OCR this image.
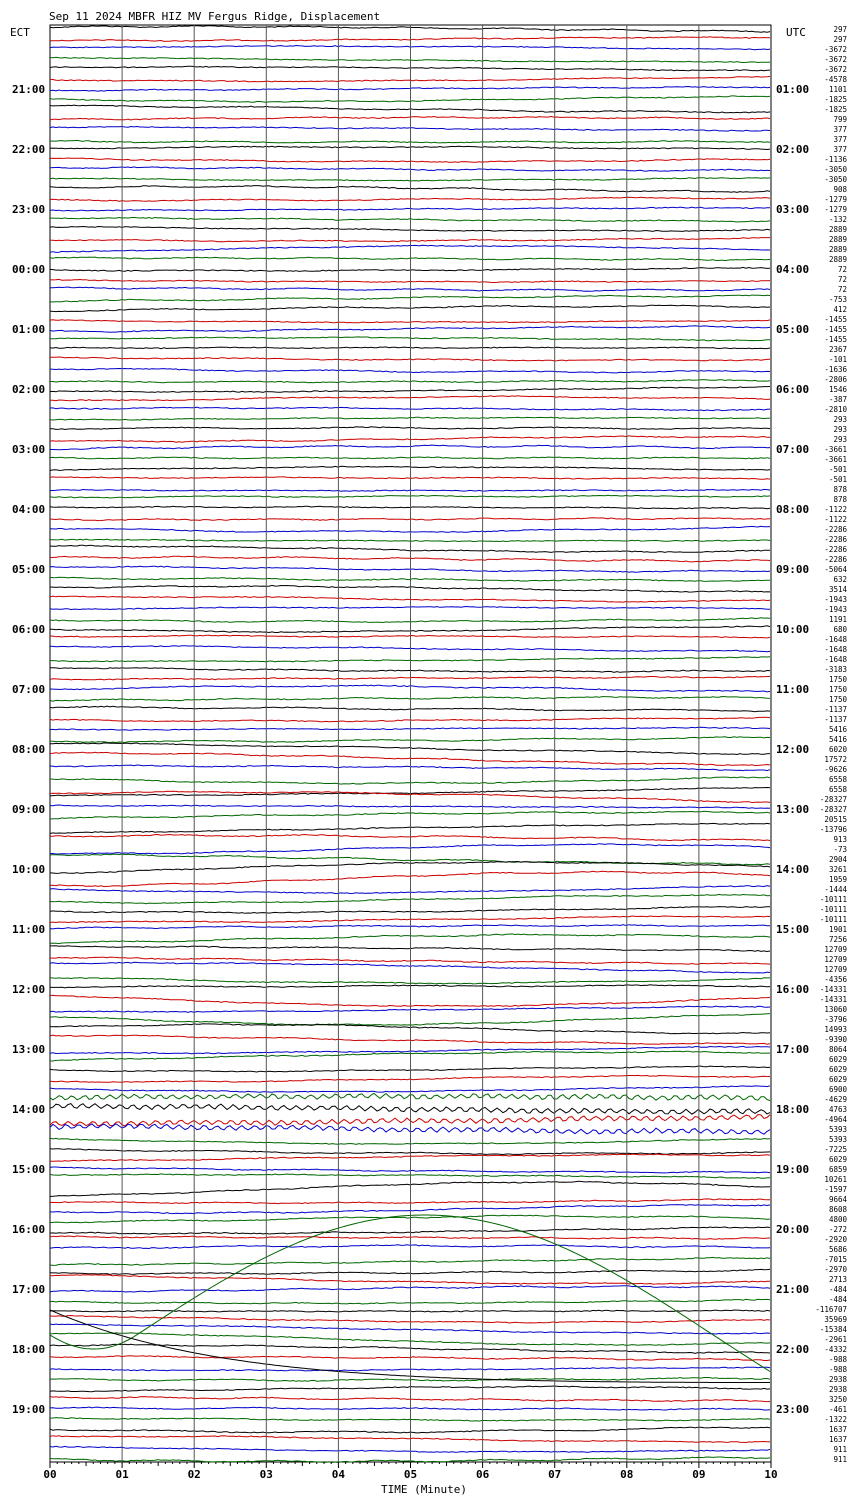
Sep 11 2024 MBFR HIZ MV Fergus Ridge, Displacement
ECT	UTC
21:00
22:00
23:00
00:00
01:00
02:00
03:00
04:00
05:00
06:00
07:00
08:00
09:00
10:00
11:00
12:00
13:00
14:00
15:00
16:00
17:00
18:00
19:00
01:00
02:00
03:00
04:00
05:00
06:00
07:00
08:00
09:00
10:00
11:00
12:00
13:00
14:00
15:00
16:00
17:00
18:00
19:00
20:00
21:00
22:00
23:00
297
297
-3672
-3672
-3672
-4578
1101
-1825
-1825
799
377
377
377
-1136
-3050
-3050
908
-1279
-1279
-132
2889
2889
2889
2889
72
72
72
-753
412
-1455
-1455
-1455
2367
-101
-1636
-2806
1546
-387
-2810
293
293
293
-3661
-3661
-501
-501
878
878
-1122
-1122
-2286
-2286
-2286
-2286
-5064
632
3514
-1943
-1943
1191
680
-1648
-1648
-1648
-3183
1750
1750
1750
-1137
-1137
5416
5416
6020
17572
-9626
6558
6558
-28327
-28327
20515
-13796
913
-73
2904
3261
1959
-1444
-10111
-10111
-10111
1901
7256
12709
12709
12709
-4356
-14331
-14331
13060
-3796
14993
-9390
8064
6029
6029
6029
6900
-4629
4763
-4964
5393
5393
-7225
6029
6859
10261
-1597
9664
8608
4800
-272
-2920
5686
-7015
-2970
2713
-484
-484
-116707
35969
-15384
-2961
-4332
-988
-988
2938
2938
3250
-461
-1322
1637
1637
911
911
00	01	02	03	04	05	06	07	08	09	10
TIME (Minute)
